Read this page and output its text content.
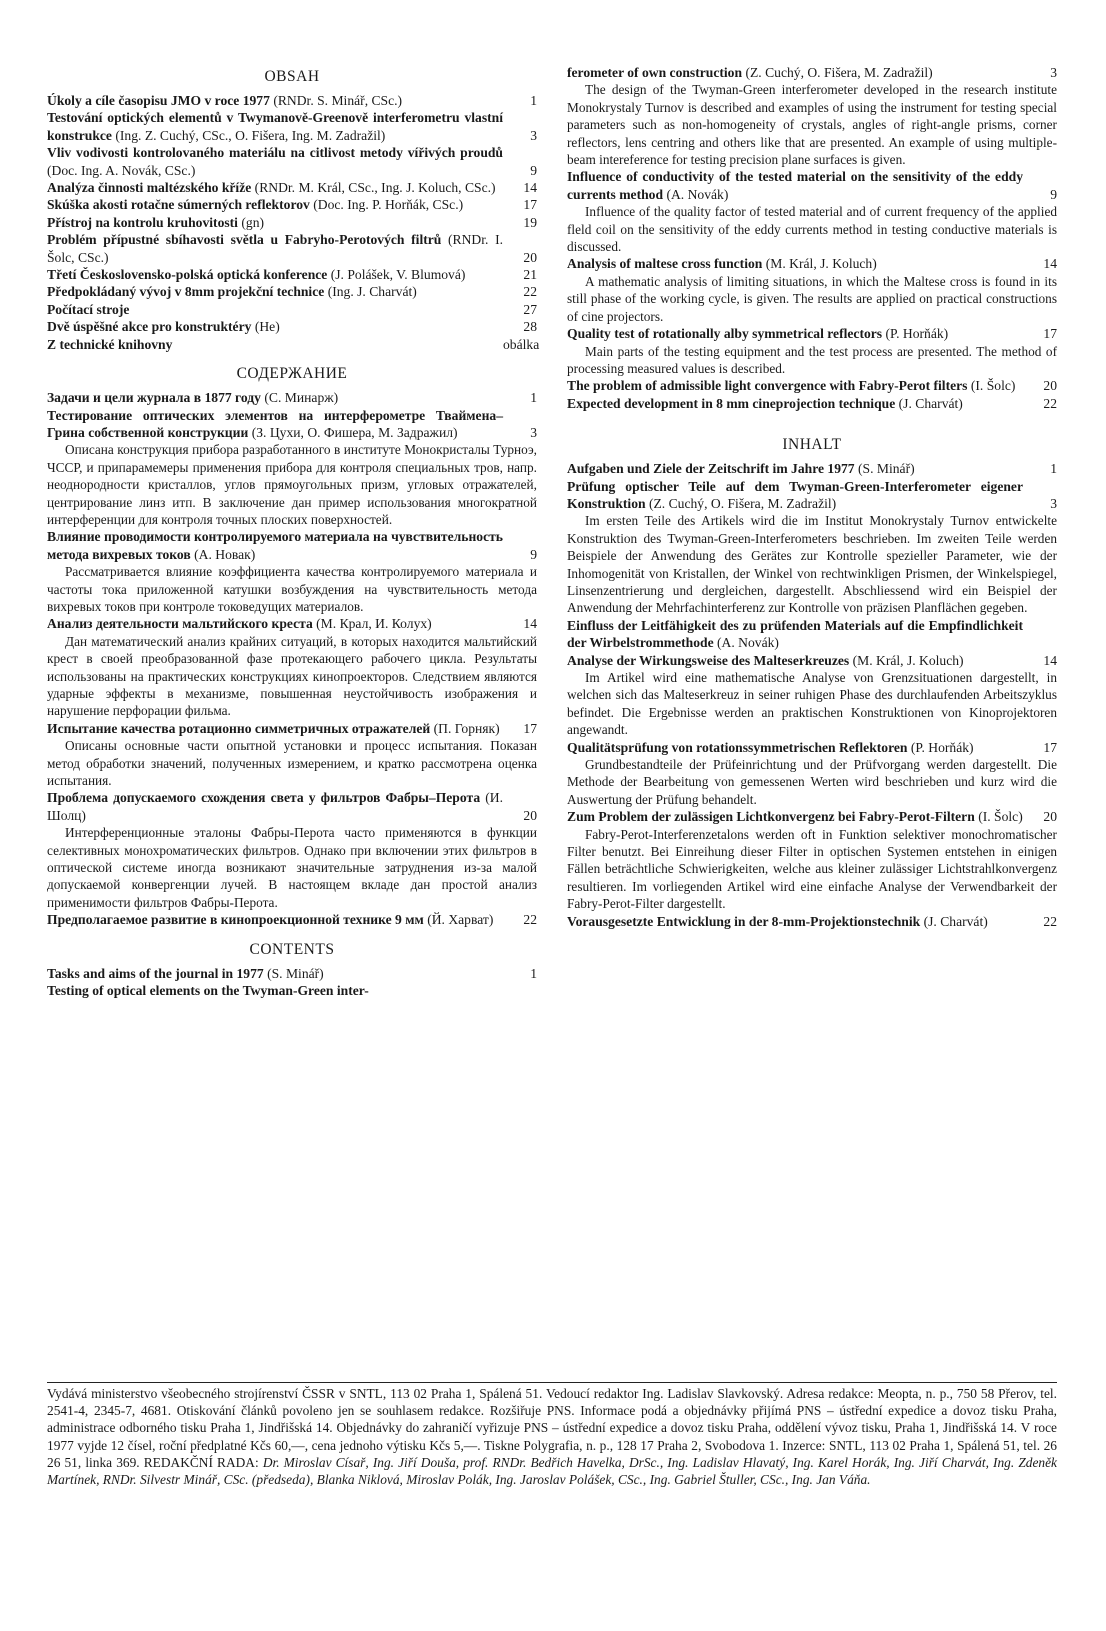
OBSAH
Úkoly a cíle časopisu JMO v roce 1977 (RNDr. S. Minář, CSc.)	1
Testování optických elementů v Twymanově-Greenově interferometru vlastní konstrukce (Ing. Z. Cuchý, CSc., O. Fišera, Ing. M. Zadražil)	3
Vliv vodivosti kontrolovaného materiálu na citlivost metody vířivých proudů (Doc. Ing. A. Novák, CSc.)	9
Analýza činnosti maltézského kříže (RNDr. M. Král, CSc., Ing. J. Koluch, CSc.)	14
Skúška akosti rotačne súmerných reflektorov (Doc. Ing. P. Horňák, CSc.)	17
Přístroj na kontrolu kruhovitosti (gn)	19
Problém přípustné sbíhavosti světla u Fabryho-Perotových filtrů (RNDr. I. Šolc, CSc.)	20
Třetí Československo-polská optická konference (J. Polášek, V. Blumová)	21
Předpokládaný vývoj v 8mm projekční technice (Ing. J. Charvát)	22
Počítací stroje	27
Dvě úspěšné akce pro konstruktéry (He)	28
Z technické knihovny	obálka
СОДЕРЖАНИЕ
Задачи и цели журнала в 1877 году (С. Минарж)	1
Тестирование оптических элементов на интерферометре Тваймена–Грина собственной конструкции (З. Цухи, О. Фишера, М. Задражил)	3
Описана конструкция прибора разработанного в институте Монокристалы Турноэ, ЧССР, и припарамемеры применения прибора для контроля специальных тров, напр. неоднородности кристаллов, углов прямоугольных призм, угловых отражателей, центрирование линз итп. В заключение дан пример использования многократной интерференции для контроля точных плоских поверхностей.
Влияние проводимости контролируемого материала на чувствительность метода вихревых токов (А. Новак)	9
Рассматривается влияние коэффициента качества контролируемого материала и частоты тока приложенной катушки возбуждения на чувствительность метода вихревых токов при контроле токоведущих материалов.
Анализ деятельности мальтийского креста (М. Крал, И. Колух)	14
Дан математический анализ крайних ситуаций, в которых находится мальтийский крест в своей преобразованной фазе протекающего рабочего цикла. Результаты использованы на практических конструкциях кинопроекторов. Следствием являются ударные эффекты в механизме, повышенная неустойчивость изображения и нарушение перфорации фильма.
Испытание качества ротационно симметричных отражателей (П. Горняк)	17
Описаны основные части опытной установки и процесс испытания. Показан метод обработки значений, полученных измерением, и кратко рассмотрена оценка испытания.
Проблема допускаемого схождения света у фильтров Фабры–Перота (И. Шолц)	20
Интерференционные эталоны Фабры-Перота часто применяются в функции селективных монохроматических фильтров. Однако при включении этих фильтров в оптической системе иногда возникают значительные затруднения из-за малой допускаемой конвергенции лучей. В настоящем вкладе дан простой анализ применимости фильтров Фабры-Перота.
Предполагаемое развитие в кинопроекционной технике 9 мм (Й. Харват)	22
CONTENTS
Tasks and aims of the journal in 1977 (S. Minář)	1
Testing of optical elements on the Twyman-Green inter-
ferometer of own construction (Z. Cuchý, O. Fišera, M. Zadražil)	3
The design of the Twyman-Green interferometer developed in the research institute Monokrystaly Turnov is described and examples of using the instrument for testing special parameters such as non-homogeneity of crystals, angles of right-angle prisms, corner reflectors, lens centring and others like that are presented. An example of using multiple-beam intereference for testing precision plane surfaces is given.
Influence of conductivity of the tested material on the sensitivity of the eddy currents method (A. Novák)	9
Influence of the quality factor of tested material and of current frequency of the applied fleld coil on the sensitivity of the eddy currents method in testing conductive materials is discussed.
Analysis of maltese cross function (M. Král, J. Koluch)	14
A mathematic analysis of limiting situations, in which the Maltese cross is found in its still phase of the working cycle, is given. The results are applied on practical constructions of cine projectors.
Quality test of rotationally alby symmetrical reflectors (P. Horňák)	17
Main parts of the testing equipment and the test process are presented. The method of processing measured values is described.
The problem of admissible light convergence with Fabry-Perot filters (I. Šolc)	20
Expected development in 8 mm cineprojection technique (J. Charvát)	22
INHALT
Aufgaben und Ziele der Zeitschrift im Jahre 1977 (S. Minář)	1
Prüfung optischer Teile auf dem Twyman-Green-Interferometer eigener Konstruktion (Z. Cuchý, O. Fišera, M. Zadražil)	3
Im ersten Teile des Artikels wird die im Institut Monokrystaly Turnov entwickelte Konstruktion des Twyman-Green-Interferometers beschrieben. Im zweiten Teile werden Beispiele der Anwendung des Gerätes zur Kontrolle spezieller Parameter, wie der Inhomogenität von Kristallen, der Winkel von rechtwinkligen Prismen, der Winkelspiegel, Linsenzentrierung und dergleichen, dargestellt. Abschliessend wird ein Beispiel der Anwendung der Mehrfachinterferenz zur Kontrolle von präzisen Planflächen gegeben.
Einfluss der Leitfähigkeit des zu prüfenden Materials auf die Empfindlichkeit der Wirbelstrommethode (A. Novák)
Analyse der Wirkungsweise des Malteserkreuzes (M. Král, J. Koluch)	14
Im Artikel wird eine mathematische Analyse von Grenzsituationen dargestellt, in welchen sich das Malteserkreuz in seiner ruhigen Phase des durchlaufenden Arbeitszyklus befindet. Die Ergebnisse werden an praktischen Konstruktionen von Kinoprojektoren angewandt.
Qualitätsprüfung von rotationssymmetrischen Reflektoren (P. Horňák)	17
Grundbestandteile der Prüfeinrichtung und der Prüfvorgang werden dargestellt. Die Methode der Bearbeitung von gemessenen Werten wird beschrieben und kurz wird die Auswertung der Prüfung behandelt.
Zum Problem der zulässigen Lichtkonvergenz bei Fabry-Perot-Filtern (I. Šolc)	20
Fabry-Perot-Interferenzetalons werden oft in Funktion selektiver monochromatischer Filter benutzt. Bei Einreihung dieser Filter in optischen Systemen entstehen in einigen Fällen beträchtliche Schwierigkeiten, welche aus kleiner zulässiger Lichtstrahlkonvergenz resultieren. Im vorliegenden Artikel wird eine einfache Analyse der Verwendbarkeit der Fabry-Perot-Filter dargestellt.
Vorausgesetzte Entwicklung in der 8-mm-Projektionstechnik (J. Charvát)	22
Vydává ministerstvo všeobecného strojírenství ČSSR v SNTL, 113 02 Praha 1, Spálená 51. Vedoucí redaktor Ing. Ladislav Slavkovský. Adresa redakce: Meopta, n. p., 750 58 Přerov, tel. 2541-4, 2345-7, 4681. Otiskování článků povoleno jen se souhlasem redakce. Rozšiřuje PNS. Informace podá a objednávky přijímá PNS – ústřední expedice a dovoz tisku Praha, administrace odborného tisku Praha 1, Jindřišská 14. Objednávky do zahraničí vyřizuje PNS – ústřední expedice a dovoz tisku Praha, oddělení vývoz tisku, Praha 1, Jindřišská 14. V roce 1977 vyjde 12 čísel, roční předplatné Kčs 60,—, cena jednoho výtisku Kčs 5,—. Tiskne Polygrafia, n. p., 128 17 Praha 2, Svobodova 1. Inzerce: SNTL, 113 02 Praha 1, Spálená 51, tel. 26 26 51, linka 369. REDAKČNÍ RADA: Dr. Miroslav Císař, Ing. Jiří Douša, prof. RNDr. Bedřich Havelka, DrSc., Ing. Ladislav Hlavatý, Ing. Karel Horák, Ing. Jiří Charvát, Ing. Zdeněk Martínek, RNDr. Silvestr Minář, CSc. (předseda), Blanka Niklová, Miroslav Polák, Ing. Jaroslav Polášek, CSc., Ing. Gabriel Štuller, CSc., Ing. Jan Váňa.
